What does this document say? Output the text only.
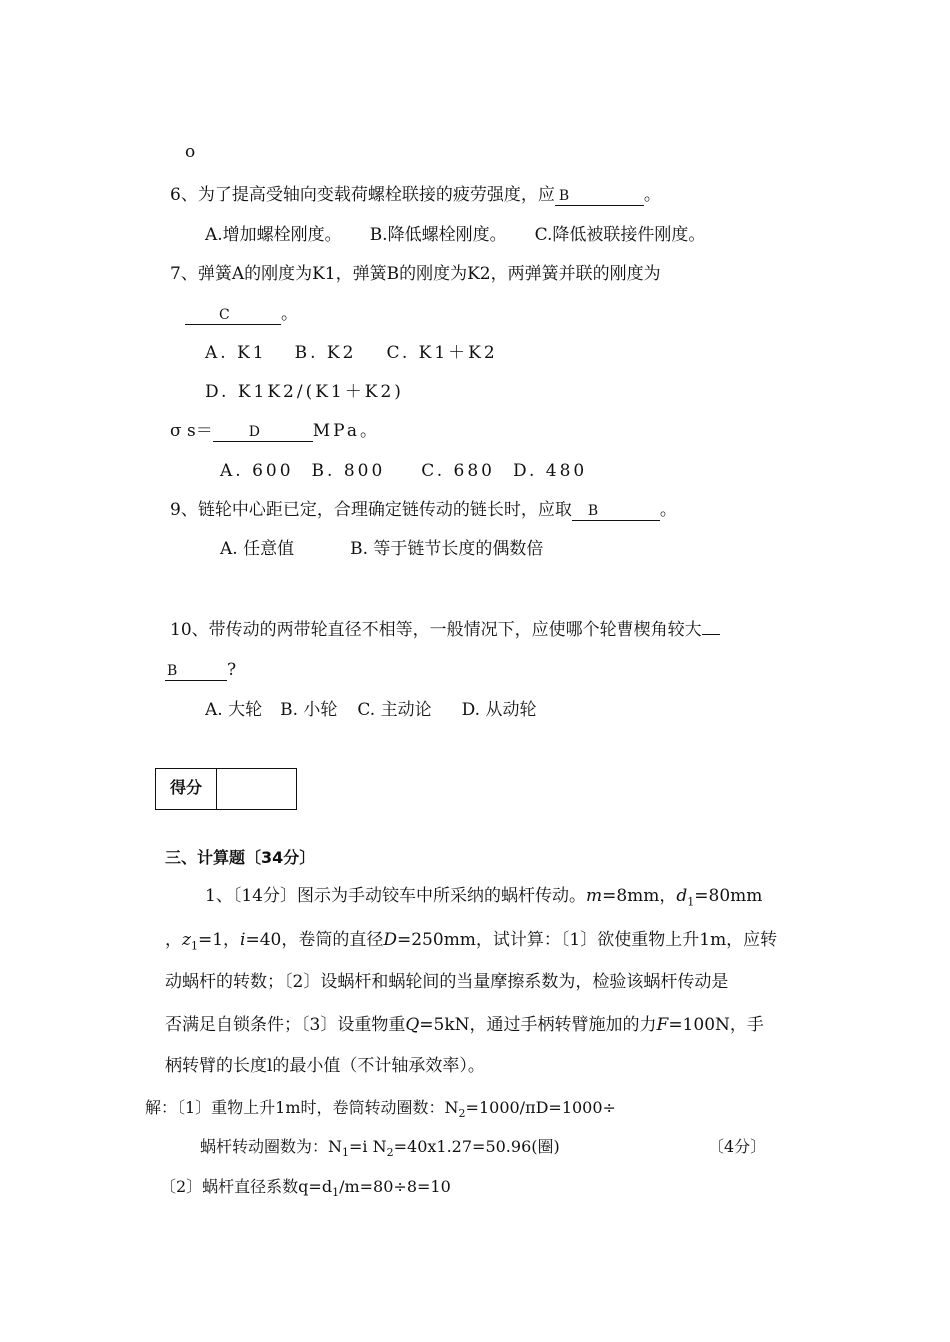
o
6、为了提高受轴向变载荷螺栓联接的疲劳强度，应 B	。
A.增加螺栓刚度。 B.降低螺栓刚度。 C.降低被联接件刚度。
7、弹簧A的刚度为K1，弹簧B的刚度为K2，两弹簧并联的刚度为
C	。
A. K1 B. K2 C. K1＋K2
D. K1K2/(K1＋K2)
σ s＝	D	MPa。
A. 600 B. 800 C. 680 D. 480
9、链轮中心距已定，合理确定链传动的链长时，应取 B	。
A. 任意值	B. 等于链节长度的偶数倍
10、带传动的两带轮直径不相等，一般情况下，应使哪个轮曹楔角较大
B	?
A. 大轮 B. 小轮 C. 主动论 D. 从动轮
得分
三、计算题〔34分〕
1、〔14分〕图示为手动铰车中所采纳的蜗杆传动。m=8mm，$d_1=80mm$
，$z_1=1$，i=40，卷筒的直径D=250mm，试计算：〔1〕欲使重物上升1m，应转
动蜗杆的转数；〔2〕设蜗杆和蜗轮间的当量摩擦系数为，检验该蜗杆传动是
否满足自锁条件；〔3〕设重物重Q=5kN，通过手柄转臂施加的力F=100N，手
柄转臂的长度l的最小值（不计轴承效率）。
解：〔1〕重物上升1m时，卷筒转动圈数：$N_2=1000/\pi D=1000\div$
蜗杆转动圈数为：$N_1=i$ $N_2=40x1.27=50.96$(圈)	〔4分〕
〔2〕蜗杆直径系数$q=d_1/m=80\div 8=10$
